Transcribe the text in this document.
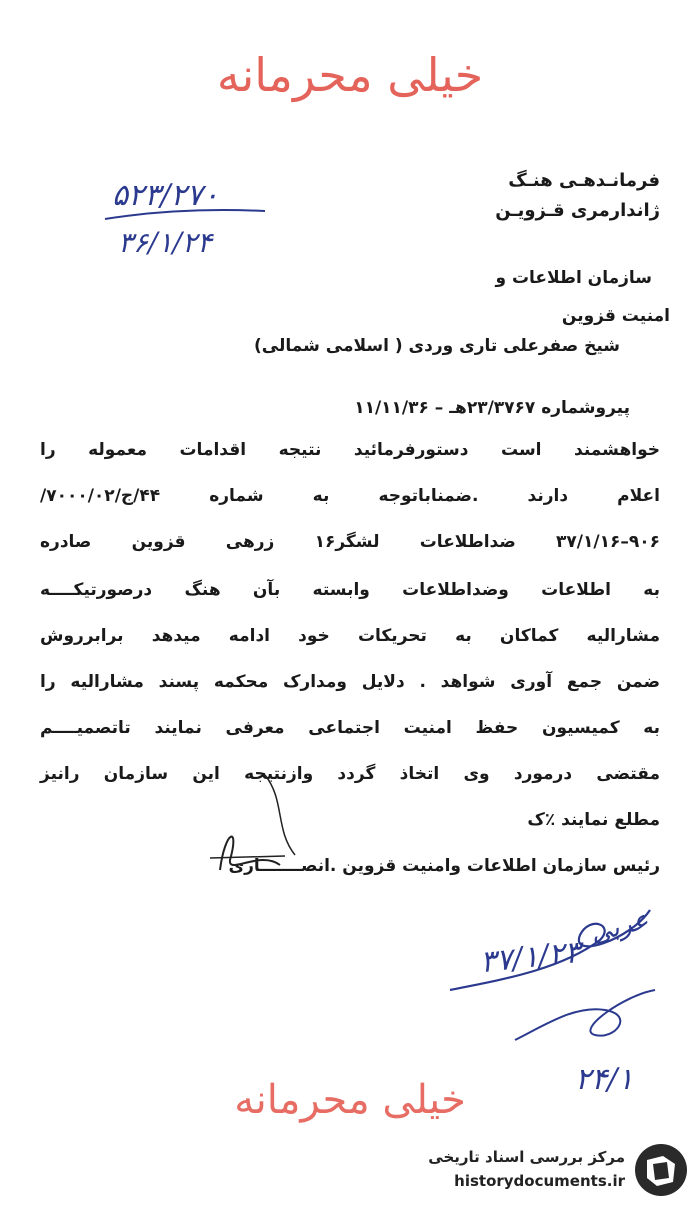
خیلی محرمانه
فرمانـدهـی هنـگ
ژاندارمری قـزویـن
۵۲۳/۲۷۰
۳۶/۱/۲۴
سازمان اطلاعات و
امنیت قزوین
شیخ صفرعلی تاری وردی ( اسلامی شمالی)
پیروشماره ۲۳/۳۷۶۷هـ – ۱۱/۱۱/۳۶
خواهشمند است دستورفرمائید نتیجه اقدامات معموله را
اعلام دارند .ضمناباتوجه به شماره ۴۴/ج/۷۰۰۰/۰۲/
۹۰۶–۳۷/۱/۱۶ ضداطلاعات لشگر۱۶ زرهی قزوین صادره
به اطلاعات وضداطلاعات وابسته بآن هنگ درصورتیکــــه
مشارالیه کماکان به تحریکات خود ادامه میدهد برابرروش
ضمن جمع آوری شواهد . دلایل ومدارک محکمه پسند مشارالیه را
به کمیسیون حفظ امنیت اجتماعی معرفی نمایند تاتصمیــــم
مقتضی درمورد وی اتخاذ گردد وازنتیجه این سازمان رانیز
مطلع نمایند ٪ک
رئیس سازمان اطلاعات وامنیت قزوین .انصـــــــاری
عربی
۳۷/۱/۲۳
۲۴/۱
خیلی محرمانه
مرکز بررسی اسناد تاریخی
historydocuments.ir
